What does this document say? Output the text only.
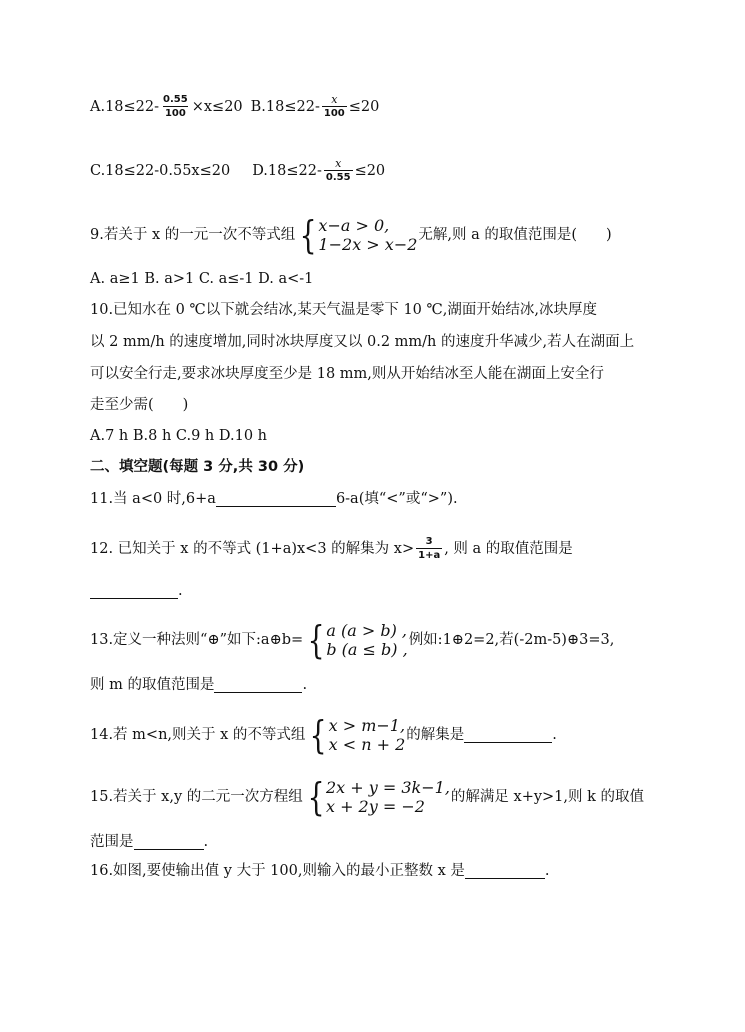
$A.18\le 22- \frac{0.55}{100} \times x\le 20$ $B.18\le 22- \frac{x}{100} \le 20$
C.18≤22-0.55x≤20 $D.18\le 22- \frac{x}{0.55} \le 20$
9.若关于 x 的一元一次不等式组 { x−a > 0,
1−2x > x−2 无解,则 a 的取值范围是(　　)
A. a≥1 B. a>1 C. a≤-1 D. a<-1
10.已知水在 0 ℃以下就会结冰,某天气温是零下 10 ℃,湖面开始结冰,冰块厚度
以 2 mm/h 的速度增加,同时冰块厚度又以 0.2 mm/h 的速度升华减少,若人在湖面上
可以安全行走,要求冰块厚度至少是 18 mm,则从开始结冰至人能在湖面上安全行
走至少需(　　)
A.7 h B.8 h C.9 h D.10 h
二、填空题(每题 3 分,共 30 分)
11.当 a<0 时,6+a	6-a(填“<”或“>”).
12. 已知关于 x 的不等式 (1+a)x<3 的解集为 $x> \frac{3}{1+a}$ , 则 a 的取值范围是
.
13.定义一种法则“⊕”如下:a⊕b= { a (a > b) ,
b (a ≤ b) , 例如:1⊕2=2,若(-2m-5)⊕3=3,
则 m 的取值范围是	.
14.若 m<n,则关于 x 的不等式组 { x > m−1,
x < n + 2 的解集是	.
15.若关于 x,y 的二元一次方程组 { 2x + y = 3k−1,
x + 2y = −2	的解满足 x+y>1,则 k 的取值
范围是	.
16.如图,要使输出值 y 大于 100,则输入的最小正整数 x 是	.
